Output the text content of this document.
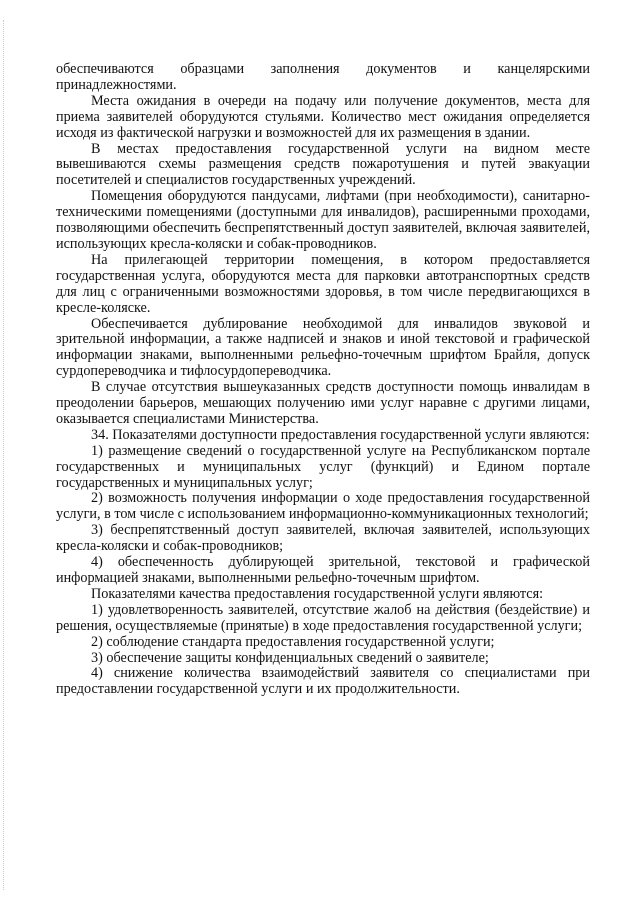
обеспечиваются образцами заполнения документов и канцелярскими принадлежностями.

Места ожидания в очереди на подачу или получение документов, места для приема заявителей оборудуются стульями. Количество мест ожидания определяется исходя из фактической нагрузки и возможностей для их размещения в здании.

В местах предоставления государственной услуги на видном месте вывешиваются схемы размещения средств пожаротушения и путей эвакуации посетителей и специалистов государственных учреждений.

Помещения оборудуются пандусами, лифтами (при необходимости), санитарно-техническими помещениями (доступными для инвалидов), расширенными проходами, позволяющими обеспечить беспрепятственный доступ заявителей, включая заявителей, использующих кресла-коляски и собак-проводников.

На прилегающей территории помещения, в котором предоставляется государственная услуга, оборудуются места для парковки автотранспортных средств для лиц с ограниченными возможностями здоровья, в том числе передвигающихся в кресле-коляске.

Обеспечивается дублирование необходимой для инвалидов звуковой и зрительной информации, а также надписей и знаков и иной текстовой и графической информации знаками, выполненными рельефно-точечным шрифтом Брайля, допуск сурдопереводчика и тифлосурдопереводчика.

В случае отсутствия вышеуказанных средств доступности помощь инвалидам в преодолении барьеров, мешающих получению ими услуг наравне с другими лицами, оказывается специалистами Министерства.

34. Показателями доступности предоставления государственной услуги являются:

1) размещение сведений о государственной услуге на Республиканском портале государственных и муниципальных услуг (функций) и Едином портале государственных и муниципальных услуг;

2) возможность получения информации о ходе предоставления государственной услуги, в том числе с использованием информационно-коммуникационных технологий;

3) беспрепятственный доступ заявителей, включая заявителей, использующих кресла-коляски и собак-проводников;

4) обеспеченность дублирующей зрительной, текстовой и графической информацией знаками, выполненными рельефно-точечным шрифтом.

Показателями качества предоставления государственной услуги являются:

1) удовлетворенность заявителей, отсутствие жалоб на действия (бездействие) и решения, осуществляемые (принятые) в ходе предоставления государственной услуги;

2) соблюдение стандарта предоставления государственной услуги;

3) обеспечение защиты конфиденциальных сведений о заявителе;

4) снижение количества взаимодействий заявителя со специалистами при предоставлении государственной услуги и их продолжительности.
